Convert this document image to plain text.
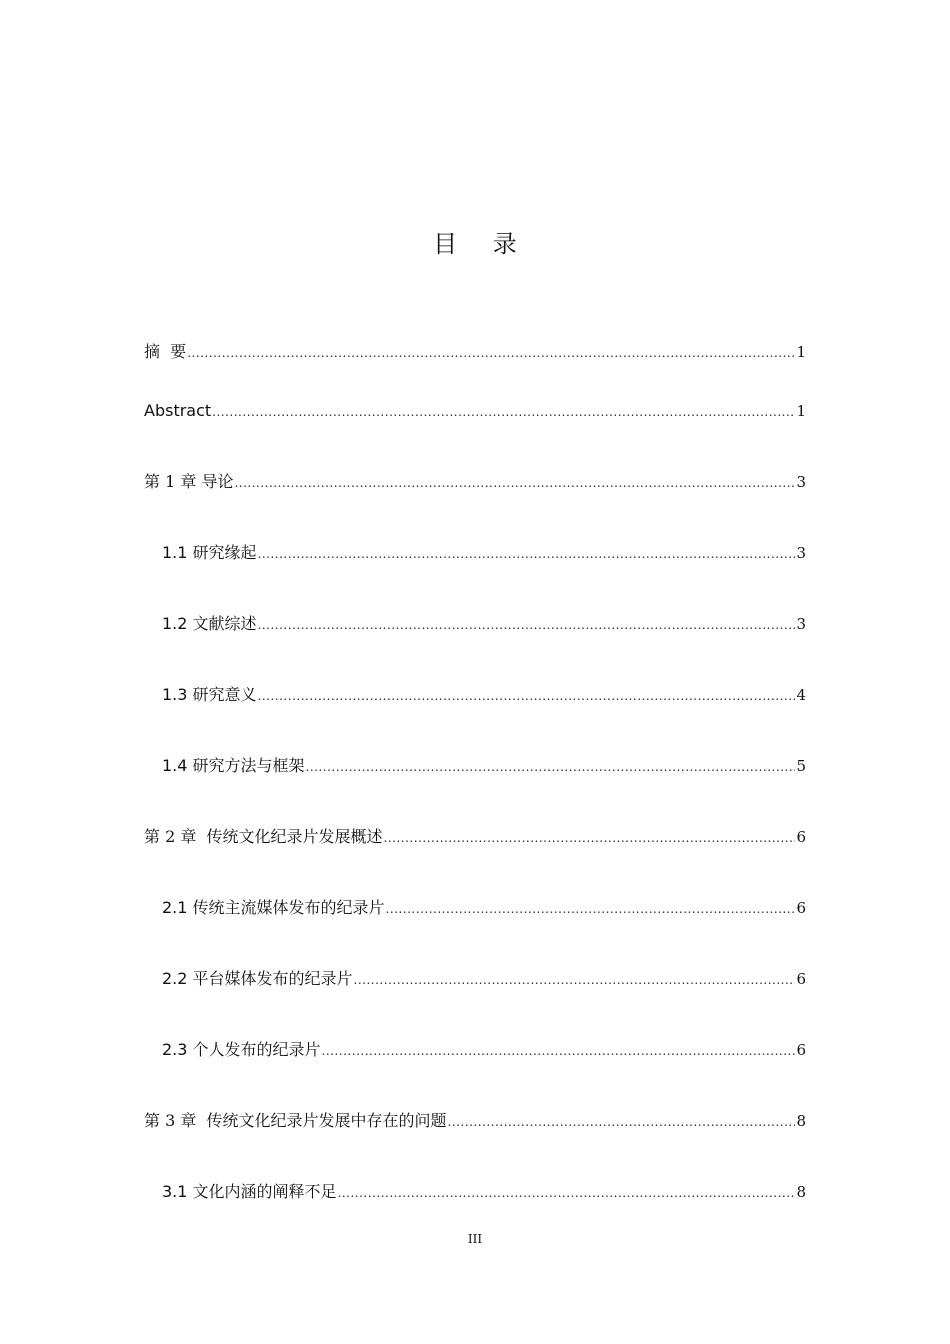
目 录
摘  要 .....	1
Abstract .....	1
第 1 章 导论 .....	3
1.1 研究缘起 .....	3
1.2 文献综述 .....	3
1.3 研究意义 .....	4
1.4 研究方法与框架 .....	5
第 2 章  传统文化纪录片发展概述 .....	6
2.1 传统主流媒体发布的纪录片 .....	6
2.2 平台媒体发布的纪录片 .....	6
2.3 个人发布的纪录片 .....	6
第 3 章  传统文化纪录片发展中存在的问题 .....	8
3.1 文化内涵的阐释不足 .....	8
III
